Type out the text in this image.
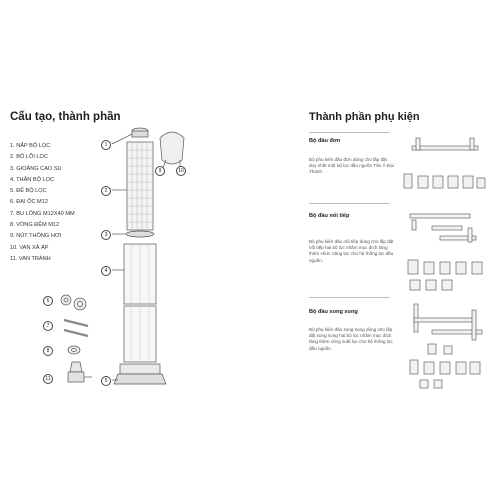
Cấu tạo, thành phần
1. NẮP BỘ LỌC
2. BỘ LÕI LỌC
3. GIOĂNG CAO SU
4. THÂN BỘ LỌC
5. ĐẾ BỘ LỌC
6. ĐAI ỐC M12
7. BU LÔNG M12X40 MM
8. VÒNG ĐỆM M12
9. NÚT THÔNG HƠI
10. VAN XẢ ÁP
11. VAN TRÁNH
1
2
3
4
5
6
7
8
9	10
11
Thành phần phụ kiện
Bộ đầu đơn
Bộ phụ kiện đầu đơn dùng cho lắp đặt duy nhất một bộ lọc đầu nguồn Tân Á Đại Thành
Bộ đầu nối tiếp
Bộ phụ kiện đầu nối tiếp dùng cho lắp đặt nối tiếp hai bộ lọc nhằm mục đích tăng thêm chức năng lọc cho hệ thống lọc đầu nguồn.
Bộ đầu song song
Bộ phụ kiện đầu song song dùng cho lắp đặt song song hai bộ lọc nhằm mục đích tăng thêm công suất lọc cho hệ thống lọc đầu nguồn.
